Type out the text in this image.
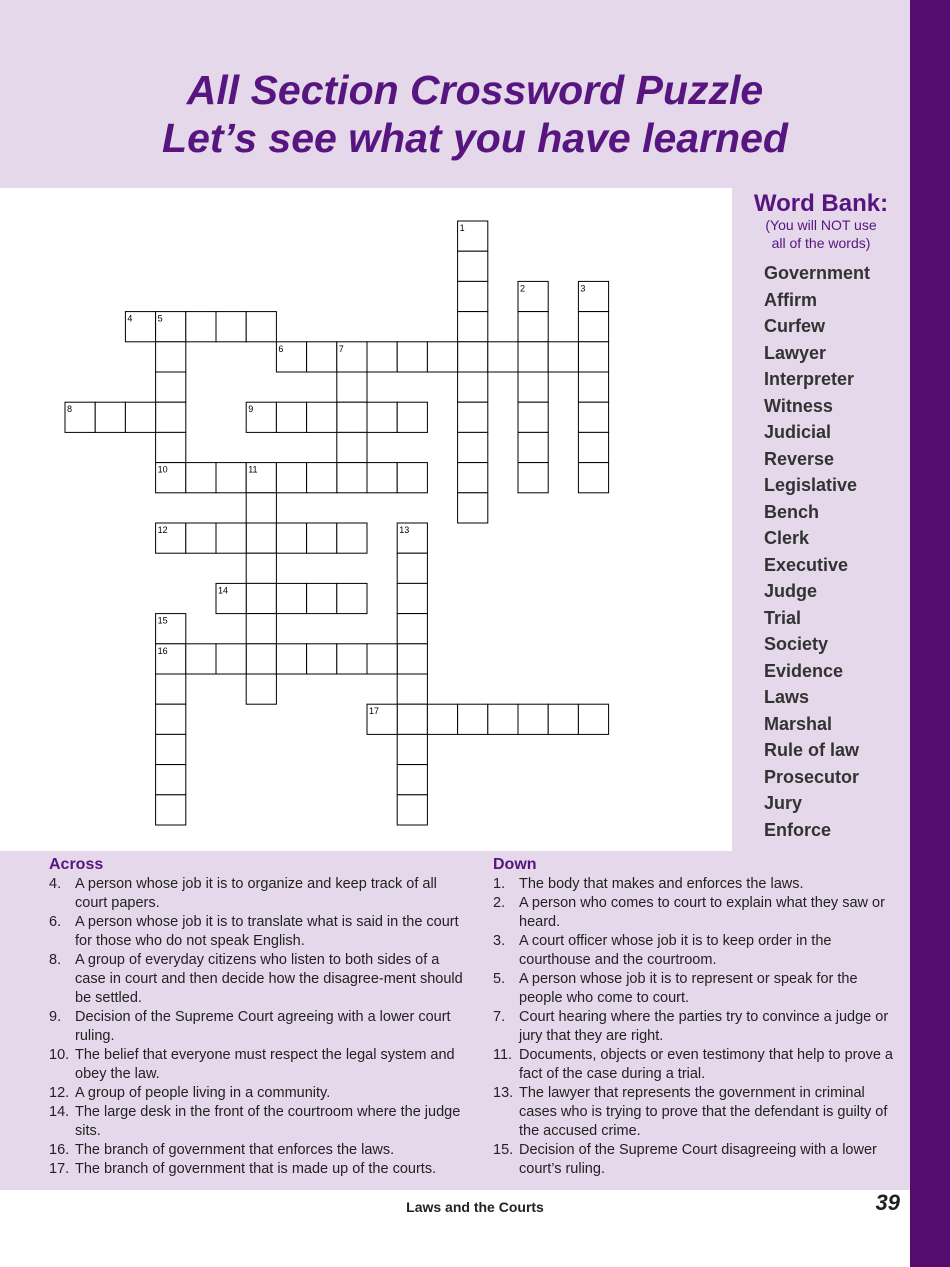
All Section Crossword Puzzle
Let’s see what you have learned
1
2	3
4	5
6	7
8	9
10	11
12	13
14
15
16
17
Word Bank:
(You will NOT use
all of the words)
Government
Affirm
Curfew
Lawyer
Interpreter
Witness
Judicial
Reverse
Legislative
Bench
Clerk
Executive
Judge
Trial
Society
Evidence
Laws
Marshal
Rule of law
Prosecutor
Jury
Enforce
Across
4. A person whose job it is to organize and keep track of all court papers.
6. A person whose job it is to translate what is said in the court for those who do not speak English.
8. A group of everyday citizens who listen to both sides of a case in court and then decide how the disagree-ment should be settled.
9. Decision of the Supreme Court agreeing with a lower court ruling.
10. The belief that everyone must respect the legal system and obey the law.
12. A group of people living in a community.
14. The large desk in the front of the courtroom where the judge sits.
16. The branch of government that enforces the laws.
17. The branch of government that is made up of the courts.
Down
1. The body that makes and enforces the laws.
2. A person who comes to court to explain what they saw or heard.
3. A court officer whose job it is to keep order in the courthouse and the courtroom.
5. A person whose job it is to represent or speak for the people who come to court.
7. Court hearing where the parties try to convince a judge or jury that they are right.
11. Documents, objects or even testimony that help to prove a fact of the case during a trial.
13. The lawyer that represents the government in criminal cases who is trying to prove that the defendant is guilty of the accused crime.
15. Decision of the Supreme Court disagreeing with a lower court’s ruling.
Laws and the Courts	39
